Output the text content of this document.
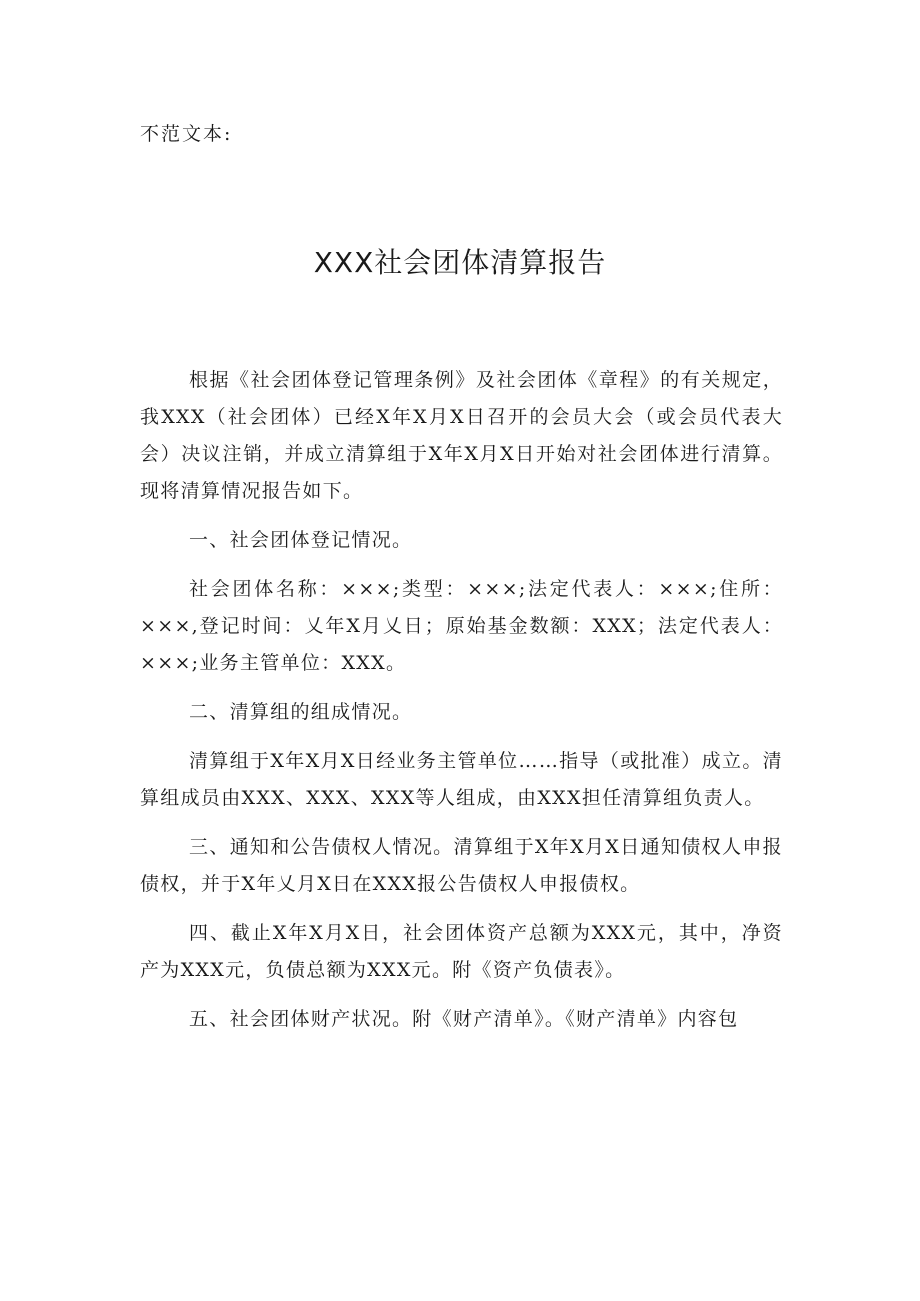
不范文本:
XXX社会团体清算报告

根据《社会团体登记管理条例》及社会团体《章程》的有关规定，我XXX（社会团体）已经X年X月X日召开的会员大会（或会员代表大会）决议注销，并成立清算组于X年X月X日开始对社会团体进行清算。现将清算情况报告如下。

一、社会团体登记情况。

社会团体名称：×××;类型：×××;法定代表人：×××;住所：×××,登记时间：乂年X月乂日；原始基金数额：XXX；法定代表人：×××;业务主管单位：XXX。

二、清算组的组成情况。

清算组于X年X月X日经业务主管单位……指导（或批准）成立。清算组成员由XXX、XXX、XXX等人组成，由XXX担任清算组负责人。

三、通知和公告债权人情况。清算组于X年X月X日通知债权人申报债权，并于X年乂月X日在XXX报公告债权人申报债权。

四、截止X年X月X日，社会团体资产总额为XXX元，其中，净资产为XXX元，负债总额为XXX元。附《资产负债表》。

五、社会团体财产状况。附《财产清单》。《财产清单》内容包
